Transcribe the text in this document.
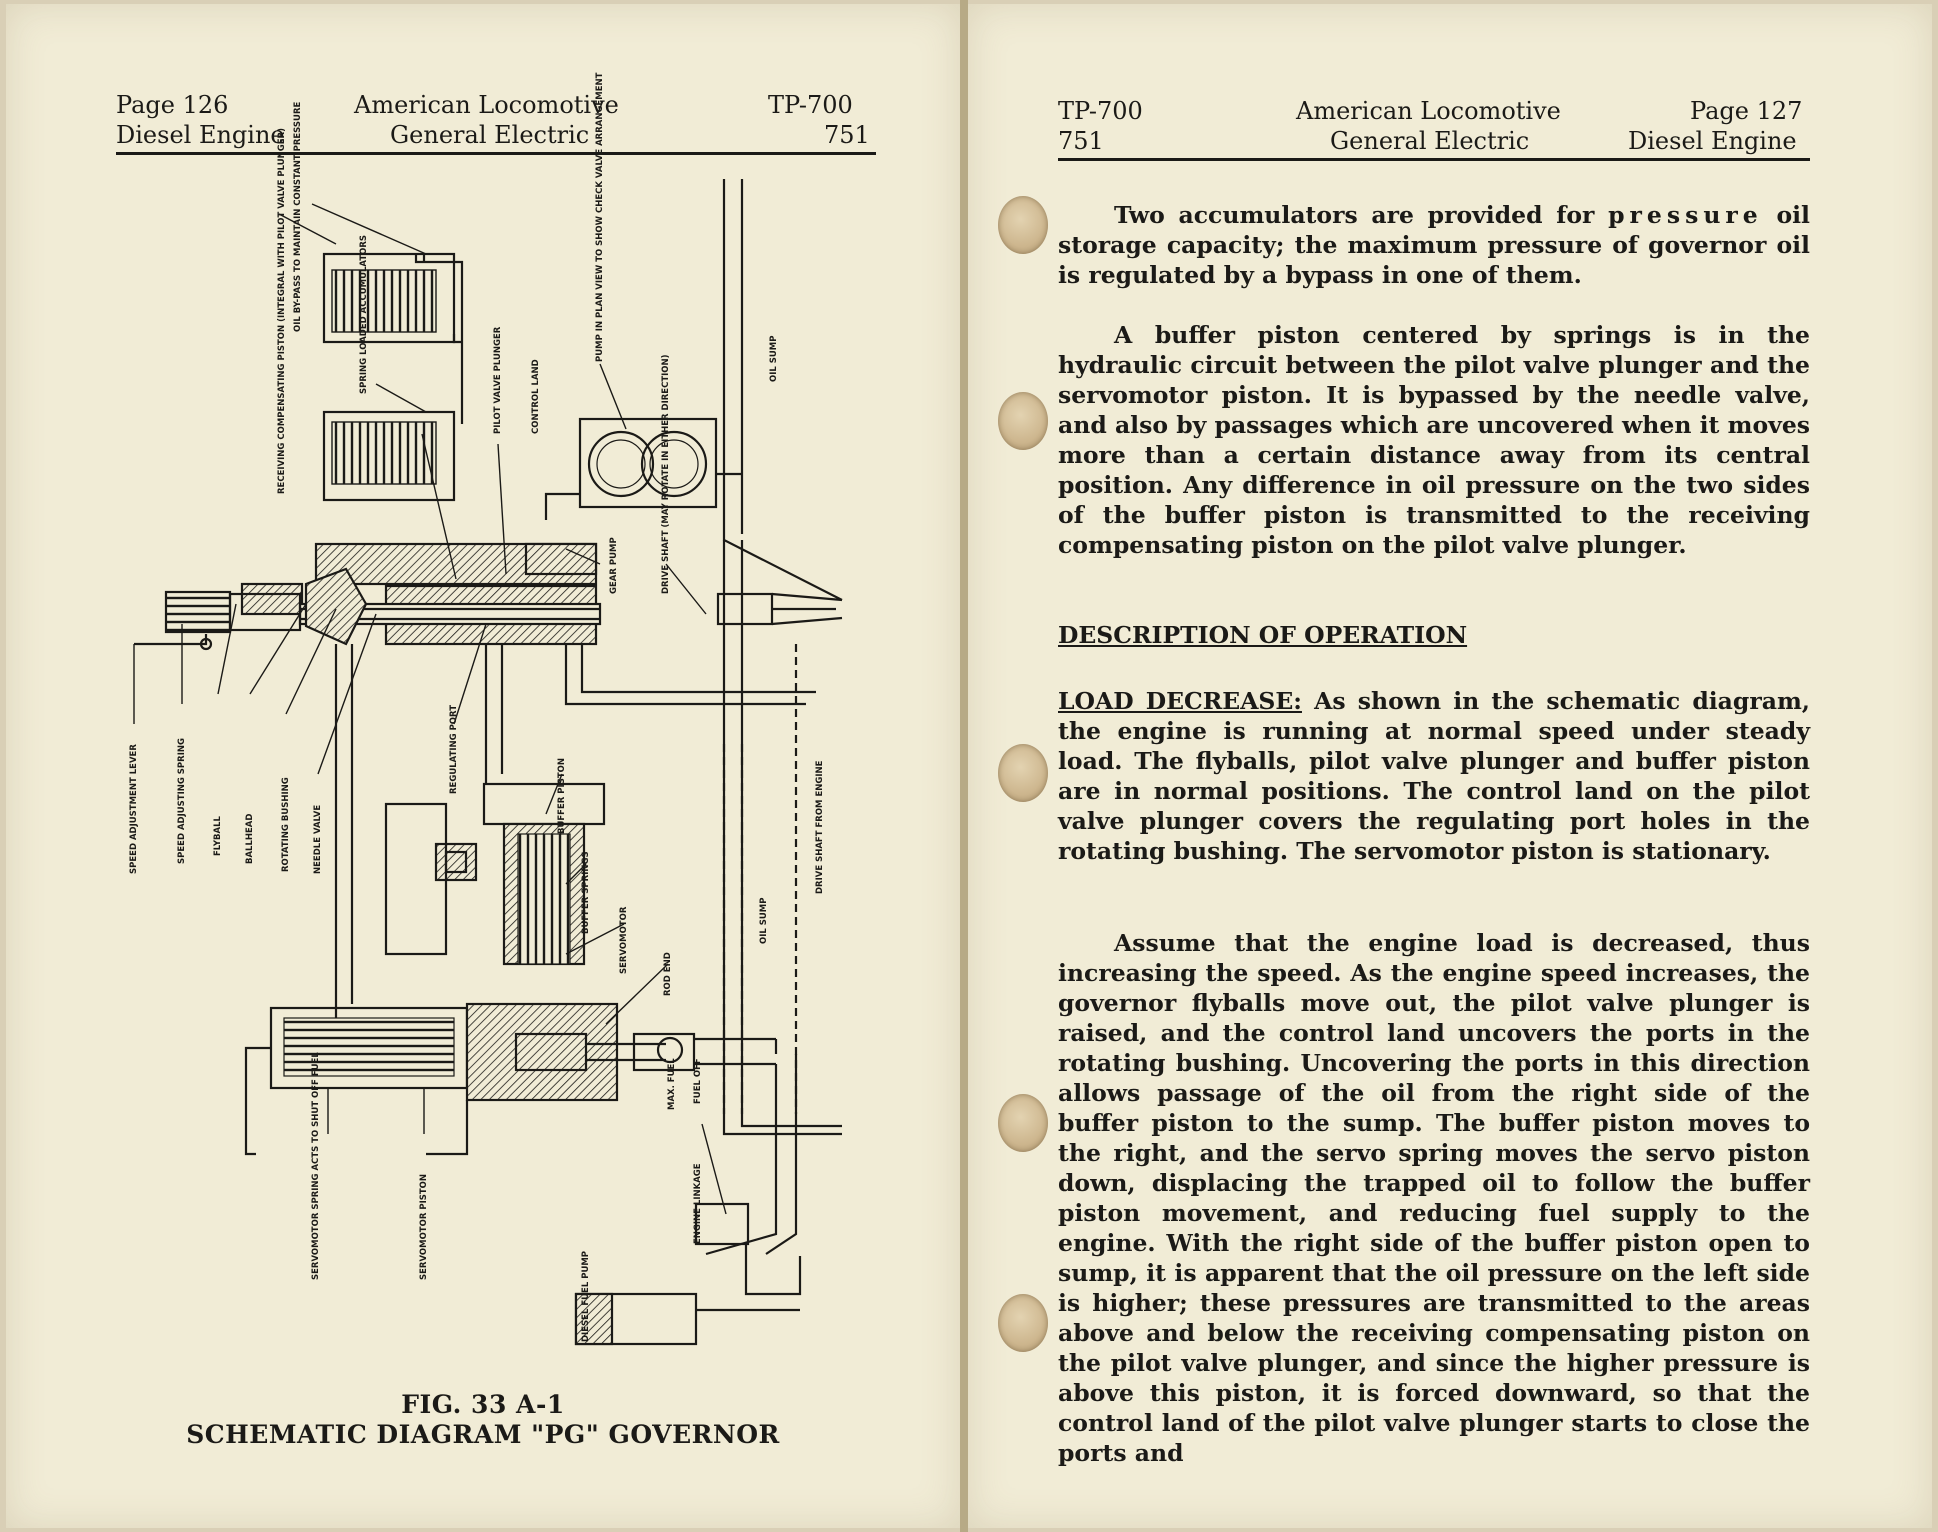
Page 126
Diesel Engine
American Locomotive
General Electric
TP-700
751
OIL BY-PASS TO MAINTAIN CONSTANT PRESSURE
RECEIVING COMPENSATING PISTON (INTEGRAL WITH PILOT VALVE PLUNGER)	SPRING LOADED ACCUMULATORS	PILOT VALVE PLUNGER	CONTROL LAND
PUMP IN PLAN VIEW TO SHOW CHECK VALVE ARRANGEMENT	OIL SUMP
GEAR PUMP	DRIVE SHAFT (MAY ROTATE IN EITHER DIRECTION)
SPEED ADJUSTMENT LEVER	SPEED ADJUSTING SPRING	FLYBALL	BALLHEAD	ROTATING BUSHING	NEEDLE VALVE
REGULATING PORT
BUFFER PISTON
BUFFER SPRINGS
SERVOMOTOR
ROD END
OIL SUMP
DRIVE SHAFT FROM ENGINE
MAX. FUEL FUEL OFF
SERVOMOTOR SPRING ACTS TO SHUT OFF FUEL	SERVOMOTOR PISTON	ENGINE LINKAGE
DIESEL FUEL PUMP
FIG. 33 A-1
SCHEMATIC DIAGRAM "PG" GOVERNOR
TP-700
751
American Locomotive
General Electric
Page 127
Diesel Engine

Two accumulators are provided for pressure oil storage capacity; the maximum pressure of governor oil is regulated by a bypass in one of them.

A buffer piston centered by springs is in the hydraulic circuit between the pilot valve plunger and the servomotor piston. It is bypassed by the needle valve, and also by passages which are uncovered when it moves more than a certain distance away from its central position. Any difference in oil pressure on the two sides of the buffer piston is transmitted to the receiving compensating piston on the pilot valve plunger.

DESCRIPTION OF OPERATION

LOAD DECREASE: As shown in the schematic diagram, the engine is running at normal speed under steady load. The flyballs, pilot valve plunger and buffer piston are in normal positions. The control land on the pilot valve plunger covers the regulating port holes in the rotating bushing. The servomotor piston is stationary.

Assume that the engine load is decreased, thus increasing the speed. As the engine speed increases, the governor flyballs move out, the pilot valve plunger is raised, and the control land uncovers the ports in the rotating bushing. Uncovering the ports in this direction allows passage of the oil from the right side of the buffer piston to the sump. The buffer piston moves to the right, and the servo spring moves the servo piston down, displacing the trapped oil to follow the buffer piston movement, and reducing fuel supply to the engine. With the right side of the buffer piston open to sump, it is apparent that the oil pressure on the left side is higher; these pressures are transmitted to the areas above and below the receiving compensating piston on the pilot valve plunger, and since the higher pressure is above this piston, it is forced downward, so that the control land of the pilot valve plunger starts to close the ports and
